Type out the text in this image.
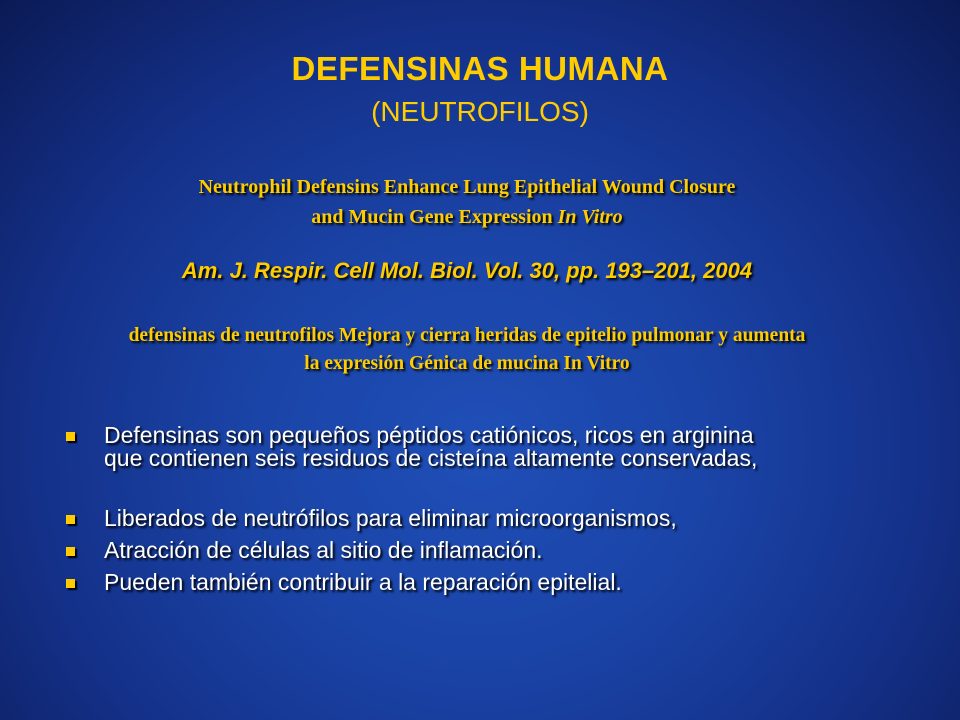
DEFENSINAS HUMANA
(NEUTROFILOS)
Neutrophil Defensins Enhance Lung Epithelial Wound Closure
and Mucin Gene Expression In Vitro
Am. J. Respir. Cell Mol. Biol. Vol. 30, pp. 193–201, 2004
defensinas de neutrofilos Mejora y cierra heridas de epitelio pulmonar y aumenta
la expresión Génica de mucina In Vitro
Defensinas son pequeños péptidos catiónicos, ricos en arginina
que contienen seis residuos de cisteína altamente conservadas,
Liberados de neutrófilos para eliminar microorganismos,
Atracción de células al sitio de inflamación.
Pueden también contribuir a la reparación epitelial.
